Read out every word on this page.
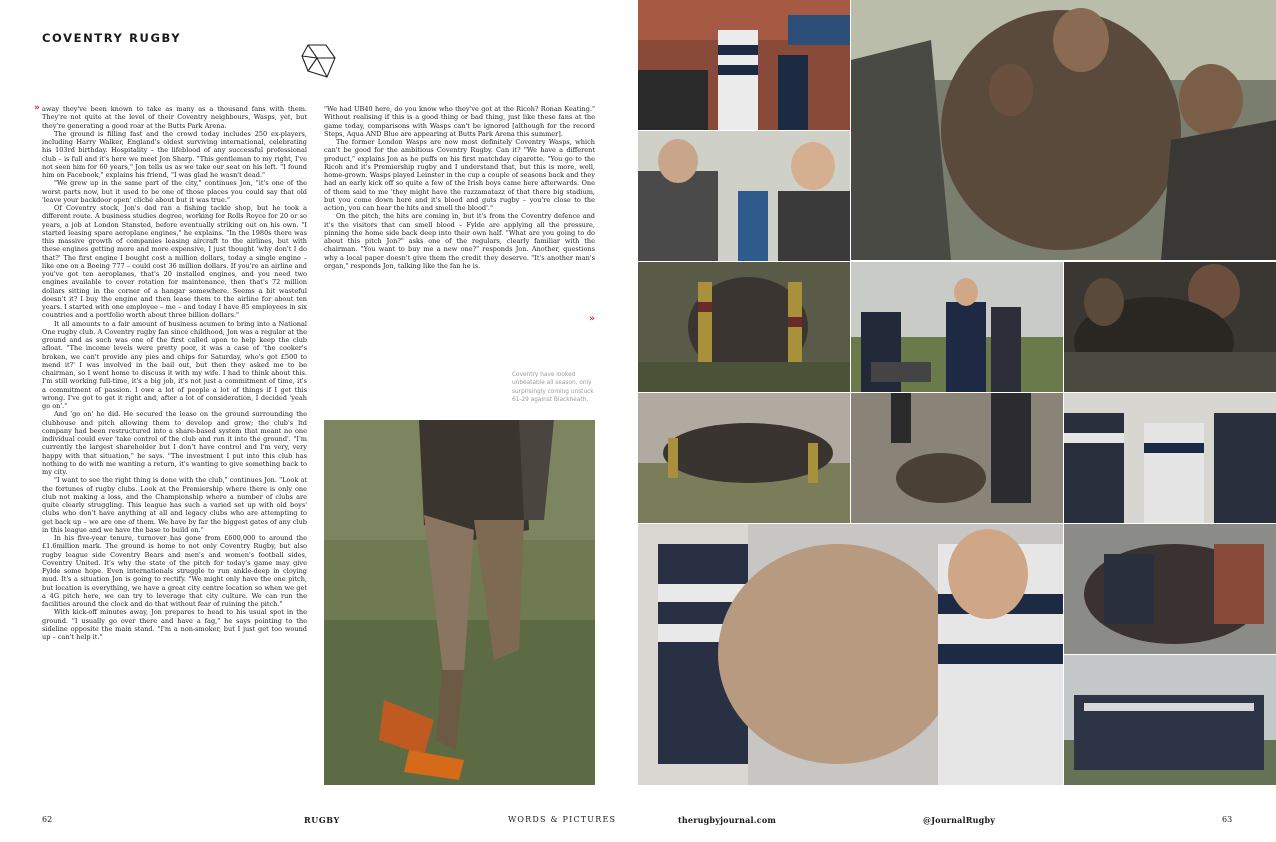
COVENTRY RUGBY
» away they've been known to take as many as a thousand fans with them. They're not quite at the level of their Coventry neighbours, Wasps, yet, but they're generating a good roar at the Butts Park Arena.

The ground is filling fast and the crowd today includes 250 ex-players, including Harry Walker, England's oldest surviving international, celebrating his 103rd birthday. Hospitality – the lifeblood of any successful professional club – is full and it's here we meet Jon Sharp. "This gentleman to my right, I've not seen him for 60 years," Jon tells us as we take our seat on his left. "I found him on Facebook," explains his friend, "I was glad he wasn't dead."

"We grew up in the same part of the city," continues Jon, "it's one of the worst parts now, but it used to be one of those places you could say that old 'leave your backdoor open' cliché about but it was true."

Of Coventry stock, Jon's dad ran a fishing tackle shop, but he took a different route. A business studies degree, working for Rolls Royce for 20 or so years, a job at London Stansted, before eventually striking out on his own. "I started leasing spare aeroplane engines," he explains. "In the 1980s there was this massive growth of companies leasing aircraft to the airlines, but with these engines getting more and more expensive, I just thought 'why don't I do that?' The first engine I bought cost a million dollars, today a single engine – like one on a Boeing 777 – could cost 36 million dollars. If you're an airline and you've got ten aeroplanes, that's 20 installed engines, and you need two engines available to cover rotation for maintenance, then that's 72 million dollars sitting in the corner of a hangar somewhere. Seems a bit wasteful doesn't it? I buy the engine and then lease them to the airline for about ten years. I started with one employee – me – and today I have 85 employees in six countries and a portfolio worth about three billion dollars."

It all amounts to a fair amount of business acumen to bring into a National One rugby club. A Coventry rugby fan since childhood, Jon was a regular at the ground and as such was one of the first called upon to help keep the club afloat. "The income levels were pretty poor, it was a case of 'the cooker's broken, we can't provide any pies and chips for Saturday, who's got £500 to mend it?' I was involved in the bail out, but then they asked me to be chairman, so I went home to discuss it with my wife. I had to think about this. I'm still working full-time, it's a big job, it's not just a commitment of time, it's a commitment of passion. I owe a lot of people a lot of things if I get this wrong. I've got to get it right and, after a lot of consideration, I decided 'yeah go on'."

And 'go on' he did. He secured the lease on the ground surrounding the clubhouse and pitch allowing them to develop and grow; the club's ltd company had been restructured into a share-based system that meant no one individual could ever 'take control of the club and run it into the ground'. "I'm currently the largest shareholder but I don't have control and I'm very, very happy with that situation," he says. "The investment I put into this club has nothing to do with me wanting a return, it's wanting to give something back to my city.

"I want to see the right thing is done with the club," continues Jon. "Look at the fortunes of rugby clubs. Look at the Premiership where there is only one club not making a loss, and the Championship where a number of clubs are quite clearly struggling. This league has such a varied set up with old boys' clubs who don't have anything at all and legacy clubs who are attempting to get back up – we are one of them. We have by far the biggest gates of any club in this league and we have the base to build on."

In his five-year tenure, turnover has gone from £600,000 to around the £1.6million mark. The ground is home to not only Coventry Rugby, but also rugby league side Coventry Bears and men's and women's football sides, Coventry United. It's why the state of the pitch for today's game may give Fylde some hope. Even internationals struggle to run ankle-deep in cloying mud. It's a situation Jon is going to rectify. "We might only have the one pitch, but location is everything, we have a great city centre location so when we get a 4G pitch here, we can try to leverage that city culture. We can run the facilities around the clock and do that without fear of ruining the pitch."

With kick-off minutes away, Jon prepares to head to his usual spot in the ground. "I usually go over there and have a fag," he says pointing to the sideline opposite the main stand. "I'm a non-smoker, but I just get too wound up – can't help it."

"We had UB40 here, do you know who they've got at the Ricoh? Ronan Keating." Without realising if this is a good thing or bad thing, just like these fans at the game today, comparisons with Wasps can't be ignored [although for the record Steps, Aqua AND Blue are appearing at Butts Park Arena this summer].

The former London Wasps are now most definitely Coventry Wasps, which can't be good for the ambitious Coventry Rugby. Can it? "We have a different product," explains Jon as he puffs on his first matchday cigarette. "You go to the Ricoh and it's Premiership rugby and I understand that, but this is more, well, home-grown. Wasps played Leinster in the cup a couple of seasons back and they had an early kick off so quite a few of the Irish boys came here afterwards. One of them said to me 'they might have the razzamatazz of that there big stadium, but you come down here and it's blood and guts rugby – you're close to the action, you can hear the hits and smell the blood'."

On the pitch, the hits are coming in, but it's from the Coventry defence and it's the visitors that can smell blood – Fylde are applying all the pressure, pinning the home side back deep into their own half. "What are you going to do about this pitch Jon?" asks one of the regulars, clearly familiar with the chairman. "You want to buy me a new one?" responds Jon. Another, questions why a local paper doesn't give them the credit they deserve. "It's another man's organ," responds Jon, talking like the fan he is.

»
Coventry have looked unbeatable all season, only surprisingly coming unstuck 61-29 against Blackheath.
62	RUGBY	WORDS & PICTURES	therugbyjournal.com	@JournalRugby	63
